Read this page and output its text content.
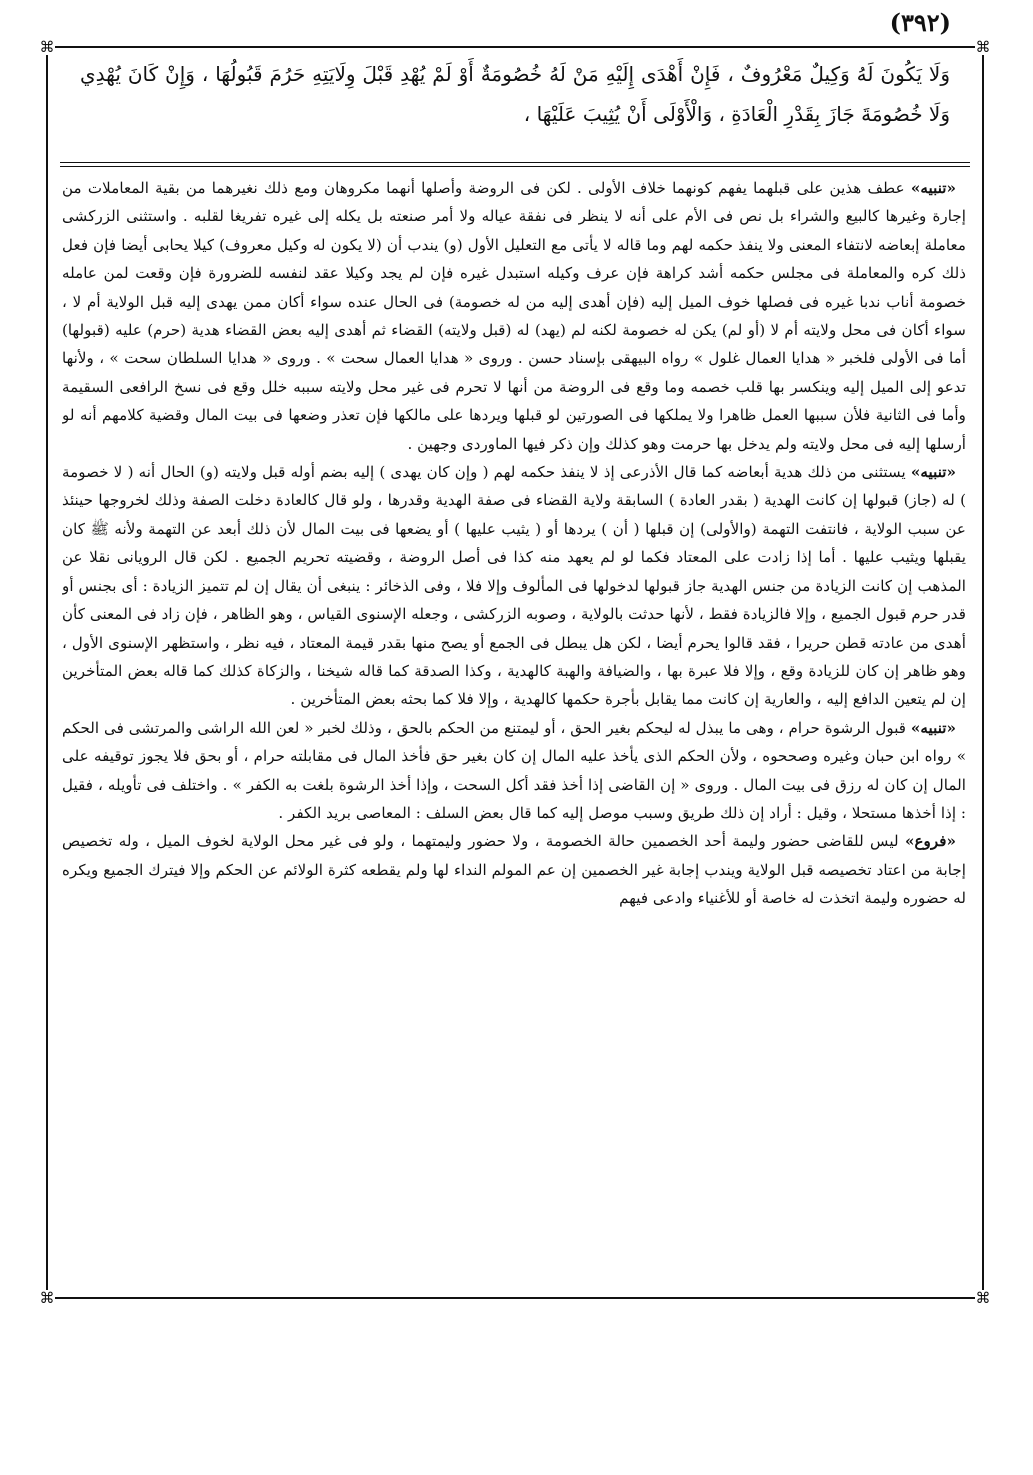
(٣٩٢)
⌘	⌘
⌘	⌘
وَلَا يَكُونَ لَهُ وَكِيلٌ مَعْرُوفٌ ، فَإِنْ أَهْدَى إِلَيْهِ مَنْ لَهُ خُصُومَةٌ أَوْ لَمْ يُهْدِ قَبْلَ وِلَايَتِهِ حَرُمَ قَبُولُهَا ، وَإِنْ كَانَ يُهْدِي وَلَا خُصُومَةَ جَازَ بِقَدْرِ الْعَادَةِ ، وَالْأَوْلَى أَنْ يُثِيبَ عَلَيْهَا ،

«تنبيه» عطف هذين على قبلهما يفهم كونهما خلاف الأولى . لكن فى الروضة وأصلها أنهما مكروهان ومع ذلك نغيرهما من بقية المعاملات من إجارة وغيرها كالبيع والشراء بل نص فى الأم على أنه لا ينظر فى نفقة عياله ولا أمر صنعته بل يكله إلى غيره تفريغا لقلبه . واستثنى الزركشى معاملة إبعاضه لانتفاء المعنى ولا ينفذ حكمه لهم وما قاله لا يأتى مع التعليل الأول (و) يندب أن (لا يكون له وكيل معروف) كيلا يحابى أيضا فإن فعل ذلك كره والمعاملة فى مجلس حكمه أشد كراهة فإن عرف وكيله استبدل غيره فإن لم يجد وكيلا عقد لنفسه للضرورة فإن وقعت لمن عامله خصومة أناب ندبا غيره فى فصلها خوف الميل إليه (فإن أهدى إليه من له خصومة) فى الحال عنده سواء أكان ممن يهدى إليه قبل الولاية أم لا ، سواء أكان فى محل ولايته أم لا (أو لم) يكن له خصومة لكنه لم (يهد) له (قبل ولايته) القضاء ثم أهدى إليه بعض القضاء هدية (حرم) عليه (قبولها) أما فى الأولى فلخبر « هدايا العمال غلول » رواه البيهقى بإسناد حسن . وروى « هدايا العمال سحت » . وروى « هدايا السلطان سحت » ، ولأنها تدعو إلى الميل إليه وينكسر بها قلب خصمه وما وقع فى الروضة من أنها لا تحرم فى غير محل ولايته سببه خلل وقع فى نسخ الرافعى السقيمة وأما فى الثانية فلأن سببها العمل ظاهرا ولا يملكها فى الصورتين لو قبلها ويردها على مالكها فإن تعذر وضعها فى بيت المال وقضية كلامهم أنه لو أرسلها إليه فى محل ولايته ولم يدخل بها حرمت وهو كذلك وإن ذكر فيها الماوردى وجهين .

«تنبيه» يستثنى من ذلك هدية أبعاضه كما قال الأذرعى إذ لا ينفذ حكمه لهم ( وإن كان يهدى ) إليه بضم أوله قبل ولايته (و) الحال أنه ( لا خصومة ) له (جاز) قبولها إن كانت الهدية ( بقدر العادة ) السابقة ولاية القضاء فى صفة الهدية وقدرها ، ولو قال كالعادة دخلت الصفة وذلك لخروجها حينئذ عن سبب الولاية ، فانتفت التهمة (والأولى) إن قبلها ( أن ) يردها أو ( يثيب عليها ) أو يضعها فى بيت المال لأن ذلك أبعد عن التهمة ولأنه ﷺ كان يقبلها ويثيب عليها . أما إذا زادت على المعتاد فكما لو لم يعهد منه كذا فى أصل الروضة ، وقضيته تحريم الجميع . لكن قال الرويانى نقلا عن المذهب إن كانت الزيادة من جنس الهدية جاز قبولها لدخولها فى المألوف وإلا فلا ، وفى الذخائر : ينبغى أن يقال إن لم تتميز الزيادة : أى بجنس أو قدر حرم قبول الجميع ، وإلا فالزيادة فقط ، لأنها حدثت بالولاية ، وصوبه الزركشى ، وجعله الإسنوى القياس ، وهو الظاهر ، فإن زاد فى المعنى كأن أهدى من عادته قطن حريرا ، فقد قالوا يحرم أيضا ، لكن هل يبطل فى الجمع أو يصح منها بقدر قيمة المعتاد ، فيه نظر ، واستظهر الإسنوى الأول ، وهو ظاهر إن كان للزيادة وقع ، وإلا فلا عبرة بها ، والضيافة والهبة كالهدية ، وكذا الصدقة كما قاله شيخنا ، والزكاة كذلك كما قاله بعض المتأخرين إن لم يتعين الدافع إليه ، والعارية إن كانت مما يقابل بأجرة حكمها كالهدية ، وإلا فلا كما بحثه بعض المتأخرين .

«تنبيه» قبول الرشوة حرام ، وهى ما يبذل له ليحكم بغير الحق ، أو ليمتنع من الحكم بالحق ، وذلك لخبر « لعن الله الراشى والمرتشى فى الحكم » رواه ابن حبان وغيره وصححوه ، ولأن الحكم الذى يأخذ عليه المال إن كان بغير حق فأخذ المال فى مقابلته حرام ، أو بحق فلا يجوز توقيفه على المال إن كان له رزق فى بيت المال . وروى « إن القاضى إذا أخذ فقد أكل السحت ، وإذا أخذ الرشوة بلغت به الكفر » . واختلف فى تأويله ، فقيل : إذا أخذها مستحلا ، وقيل : أراد إن ذلك طريق وسبب موصل إليه كما قال بعض السلف : المعاصى بريد الكفر .

«فروع» ليس للقاضى حضور وليمة أحد الخصمين حالة الخصومة ، ولا حضور وليمتهما ، ولو فى غير محل الولاية لخوف الميل ، وله تخصيص إجابة من اعتاد تخصيصه قبل الولاية ويندب إجابة غير الخصمين إن عم المولم النداء لها ولم يقطعه كثرة الولائم عن الحكم وإلا فيترك الجميع ويكره له حضوره وليمة اتخذت له خاصة أو للأغنياء وادعى فيهم
